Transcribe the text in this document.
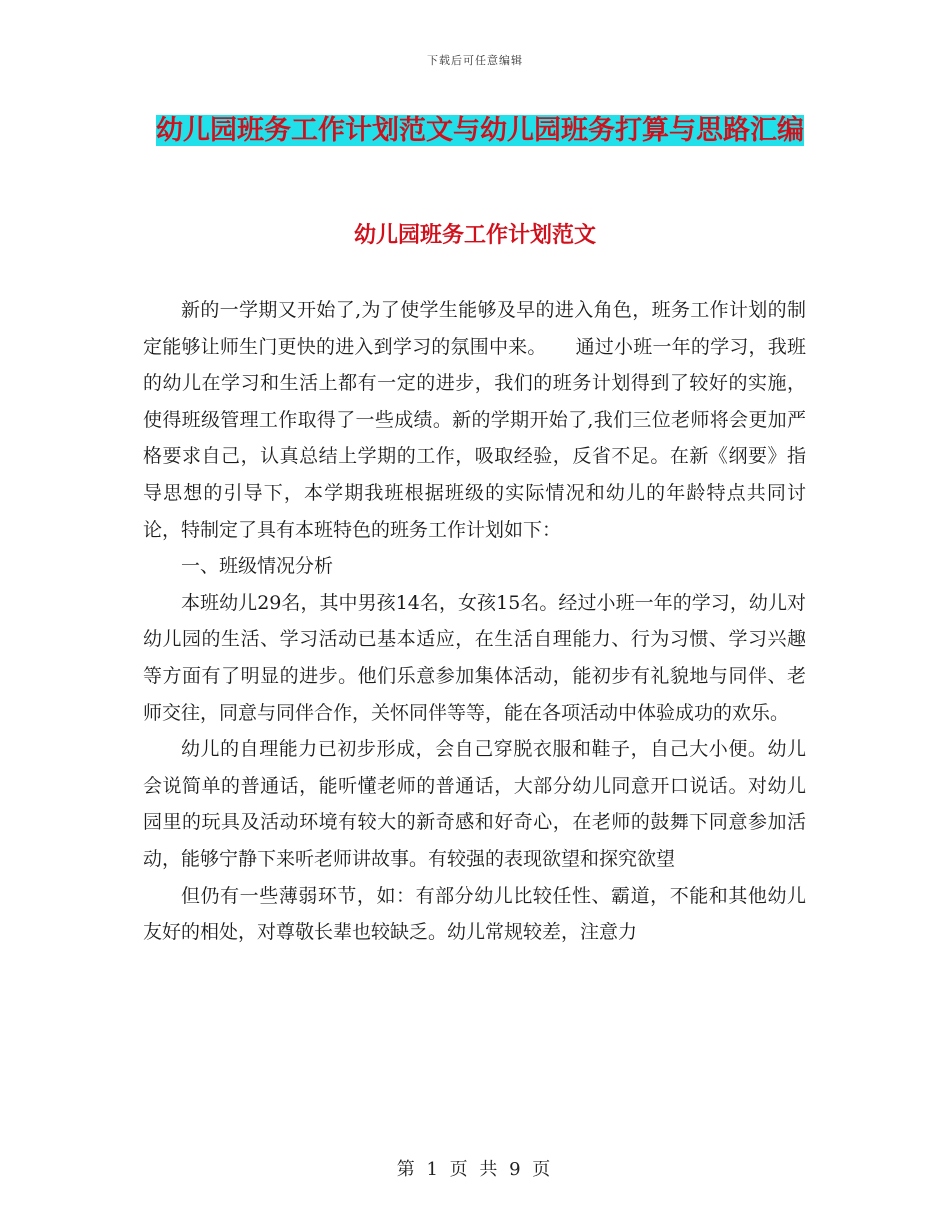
下载后可任意编辑
幼儿园班务工作计划范文与幼儿园班务打算与思路汇编
幼儿园班务工作计划范文

新的一学期又开始了,为了使学生能够及早的进入角色，班务工作计划的制定能够让师生门更快的进入到学习的氛围中来。　　通过小班一年的学习，我班的幼儿在学习和生活上都有一定的进步，我们的班务计划得到了较好的实施，使得班级管理工作取得了一些成绩。新的学期开始了,我们三位老师将会更加严格要求自己，认真总结上学期的工作，吸取经验，反省不足。在新《纲要》指导思想的引导下，本学期我班根据班级的实际情况和幼儿的年龄特点共同讨论，特制定了具有本班特色的班务工作计划如下：

一、班级情况分析

本班幼儿29名，其中男孩14名，女孩15名。经过小班一年的学习，幼儿对幼儿园的生活、学习活动已基本适应，在生活自理能力、行为习惯、学习兴趣等方面有了明显的进步。他们乐意参加集体活动，能初步有礼貌地与同伴、老师交往，同意与同伴合作，关怀同伴等等，能在各项活动中体验成功的欢乐。

幼儿的自理能力已初步形成，会自己穿脱衣服和鞋子，自己大小便。幼儿会说简单的普通话，能听懂老师的普通话，大部分幼儿同意开口说话。对幼儿园里的玩具及活动环境有较大的新奇感和好奇心，在老师的鼓舞下同意参加活动，能够宁静下来听老师讲故事。有较强的表现欲望和探究欲望

但仍有一些薄弱环节，如：有部分幼儿比较任性、霸道，不能和其他幼儿友好的相处，对尊敬长辈也较缺乏。幼儿常规较差，注意力

第 1 页 共 9 页
